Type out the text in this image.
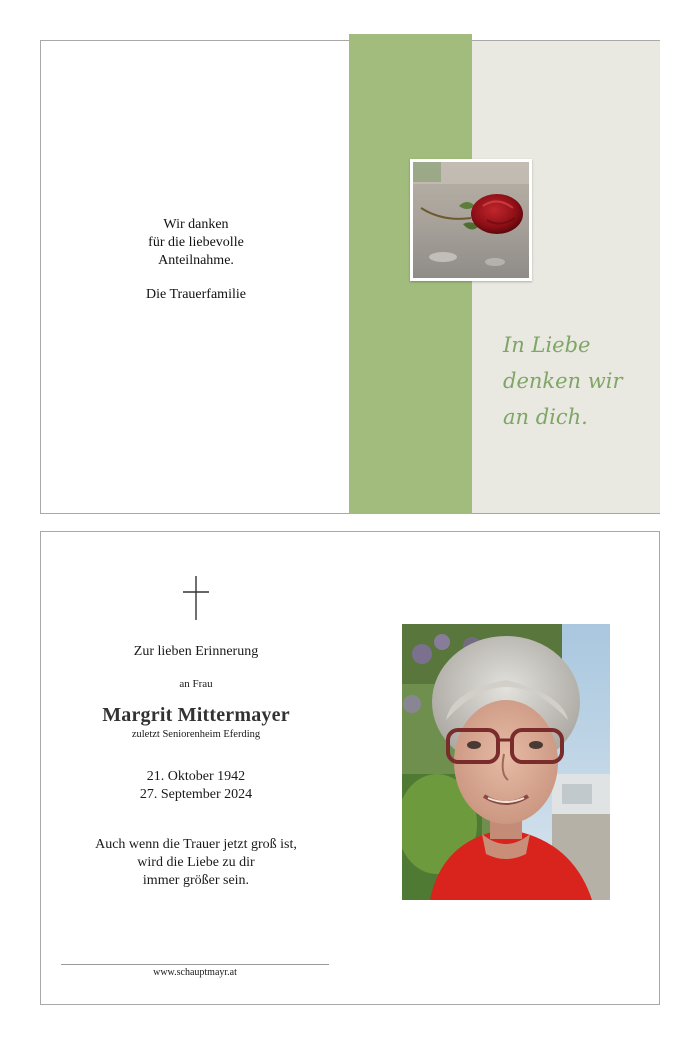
Wir danken
für die liebevolle
Anteilnahme.
Die Trauerfamilie
In Liebe
denken wir
an dich.
Zur lieben Erinnerung
an Frau
Margrit Mittermayer
zuletzt Seniorenheim Eferding
21. Oktober 1942
27. September 2024
Auch wenn die Trauer jetzt groß ist,
wird die Liebe zu dir
immer größer sein.
www.schauptmayr.at
